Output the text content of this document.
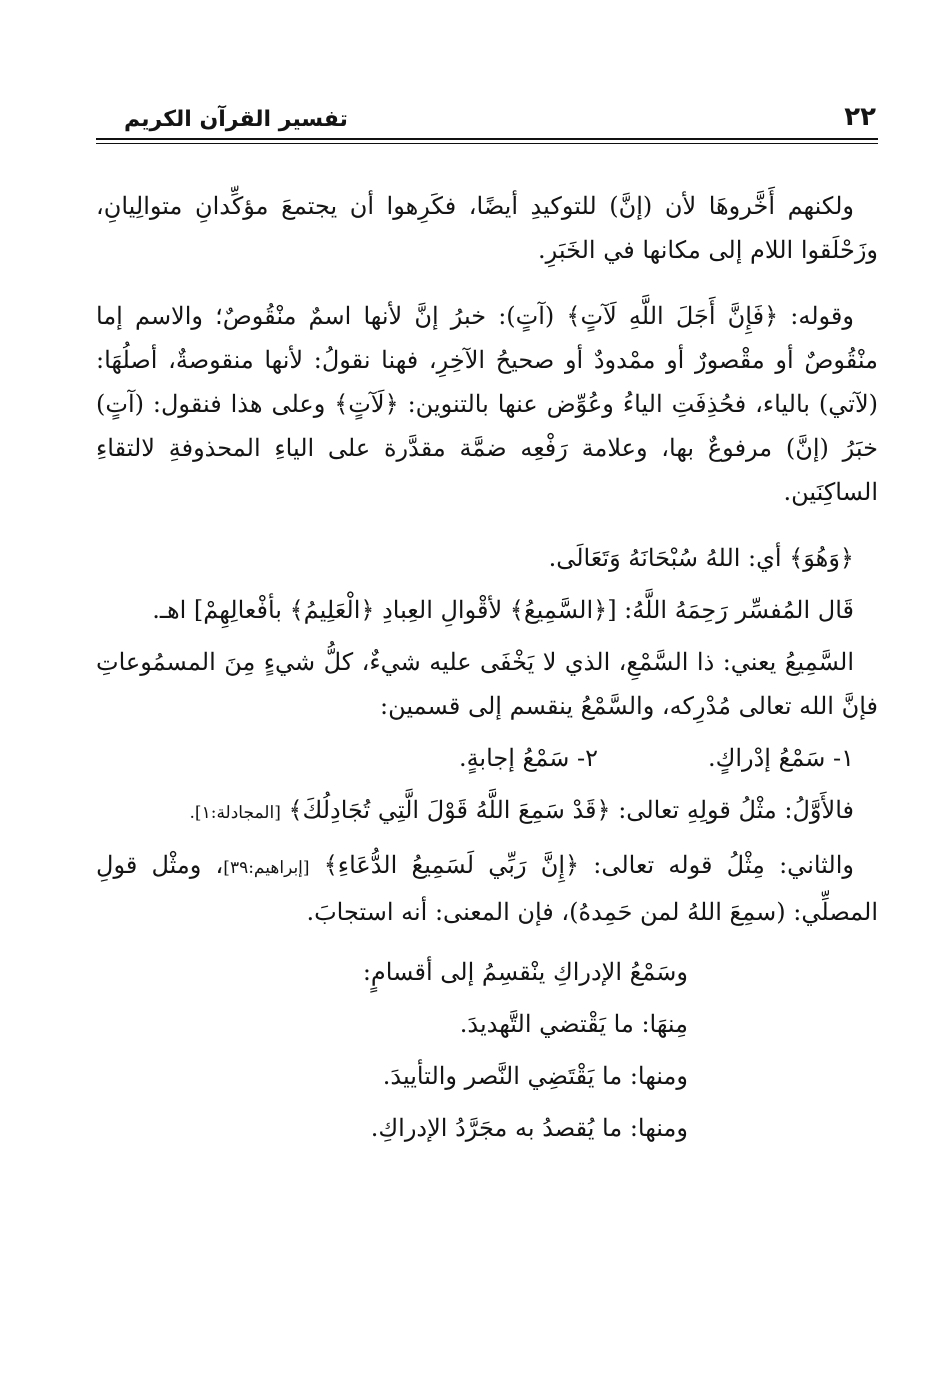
٢٢
تفسير القرآن الكريم

ولكنهم أَخَّروهَا لأن (إنَّ) للتوكيدِ أيضًا، فكَرِهوا أن يجتمعَ مؤكِّدانِ متوالِيانِ، وزَحْلَقوا اللام إلى مكانها في الخَبَرِ.

وقوله: ﴿فَإِنَّ أَجَلَ اللَّهِ لَآتٍ﴾ (آتٍ): خبرُ إنَّ لأنها اسمٌ منْقُوصٌ؛ والاسم إما منْقُوصٌ أو مقْصورٌ أو ممْدودٌ أو صحيحُ الآخِرِ، فهنا نقولُ: لأنها منقوصةٌ، أصلُهَا: (لآتي) بالياء، فحُذِفَتِ الياءُ وعُوِّض عنها بالتنوين: ﴿لَآتٍ﴾ وعلى هذا فنقول: (آتٍ) خبَرُ (إنَّ) مرفوعٌ بها، وعلامة رَفْعِه ضمَّة مقدَّرة على الياءِ المحذوفةِ لالتقاءِ الساكِنَين.

﴿وَهُوَ﴾ أي: اللهُ سُبْحَانَهُ وَتَعَالَى.

قَال المُفسِّر رَحِمَهُ اللَّهُ: [﴿السَّمِيعُ﴾ لأقْوالِ العِبادِ ﴿الْعَلِيمُ﴾ بأفْعالِهِمْ] اهـ.

السَّمِيعُ يعني: ذا السَّمْعِ، الذي لا يَخْفَى عليه شيءٌ، كلُّ شيءٍ مِنَ المسمُوعاتِ فإنَّ الله تعالى مُدْرِكه، والسَّمْعُ ينقسم إلى قسمين:

١- سَمْعُ إدْراكٍ.
٢- سَمْعُ إجابةٍ.

فالأَوَّلُ: مثْلُ قولِهِ تعالى: ﴿قَدْ سَمِعَ اللَّهُ قَوْلَ الَّتِي تُجَادِلُكَ﴾ [المجادلة:١].

والثاني: مِثْلُ قوله تعالى: ﴿إِنَّ رَبِّي لَسَمِيعُ الدُّعَاءِ﴾ [إبراهيم:٣٩]، ومثْل قولِ المصلِّي: (سمِعَ اللهُ لمن حَمِدهُ)، فإن المعنى: أنه استجابَ.

وسَمْعُ الإدراكِ ينْقسِمُ إلى أقسامٍ:

مِنهَا: ما يَقْتضي التَّهديدَ.

ومنها: ما يَقْتَضِي النَّصر والتأييدَ.

ومنها: ما يُقصدُ به مجَرَّدُ الإدراكِ.
